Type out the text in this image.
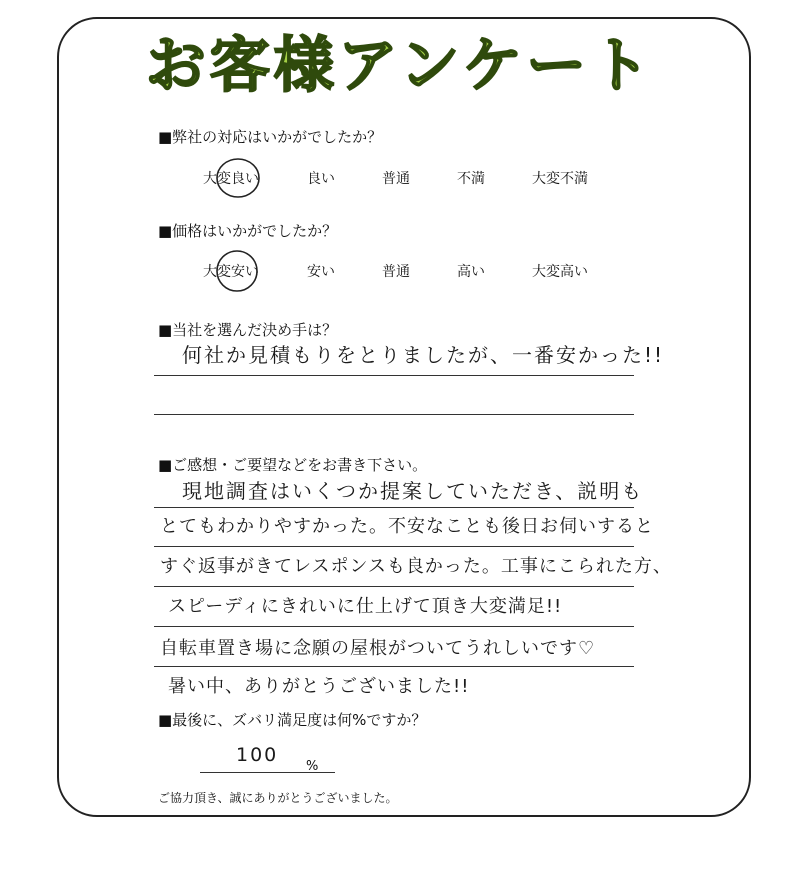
お客様アンケート
■弊社の対応はいかがでしたか？
大変良い	良い	普通	不満	大変不満
■価格はいかがでしたか？
大変安い	安い	普通	高い	大変高い
■当社を選んだ決め手は？
何社か見積もりをとりましたが、一番安かった!!
■ご感想・ご要望などをお書き下さい。
現地調査はいくつか提案していただき、説明も
とてもわかりやすかった。不安なことも後日お伺いすると
すぐ返事がきてレスポンスも良かった。工事にこられた方、
スピーディにきれいに仕上げて頂き大変満足!!
自転車置き場に念願の屋根がついてうれしいです♡
暑い中、ありがとうございました!!
■最後に、ズバリ満足度は何%ですか？
100
%
ご協力頂き、誠にありがとうございました。
